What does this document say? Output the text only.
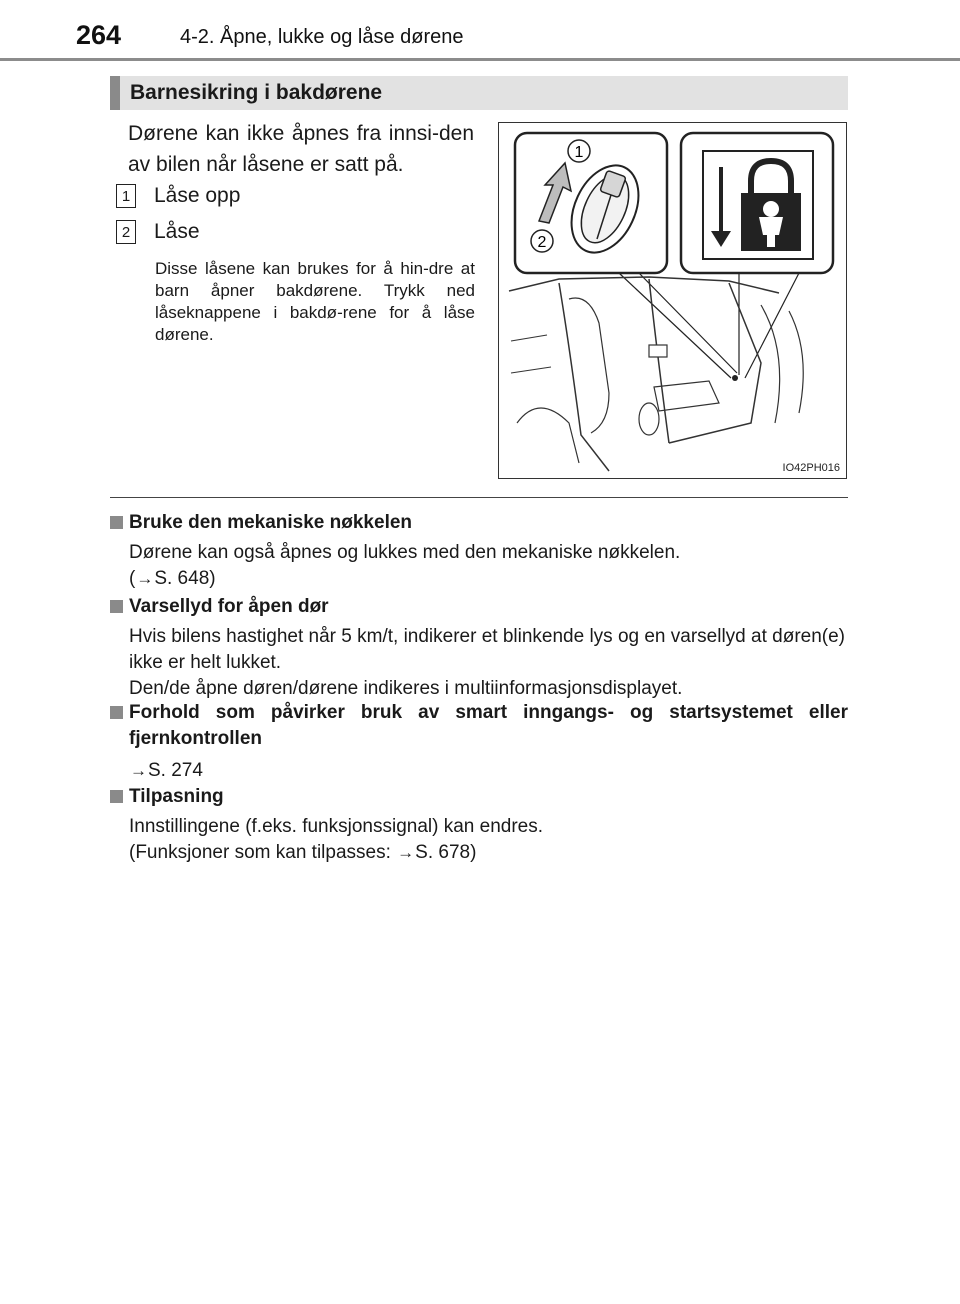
264	4-2. Åpne, lukke og låse dørene
Barnesikring i bakdørene
Dørene kan ikke åpnes fra innsi-den av bilen når låsene er satt på.
1 Låse opp
2 Låse
Disse låsene kan brukes for å hin-dre at barn åpner bakdørene. Trykk ned låseknappene i bakdø-rene for å låse dørene.
1
2
IO42PH016
Bruke den mekaniske nøkkelen
Dørene kan også åpnes og lukkes med den mekaniske nøkkelen.
(→S. 648)
Varsellyd for åpen dør
Hvis bilens hastighet når 5 km/t, indikerer et blinkende lys og en varsellyd at døren(e) ikke er helt lukket.
Den/de åpne døren/dørene indikeres i multiinformasjonsdisplayet.
Forhold som påvirker bruk av smart inngangs- og startsystemet eller fjernkontrollen
→S. 274
Tilpasning
Innstillingene (f.eks. funksjonssignal) kan endres.
(Funksjoner som kan tilpasses: →S. 678)
